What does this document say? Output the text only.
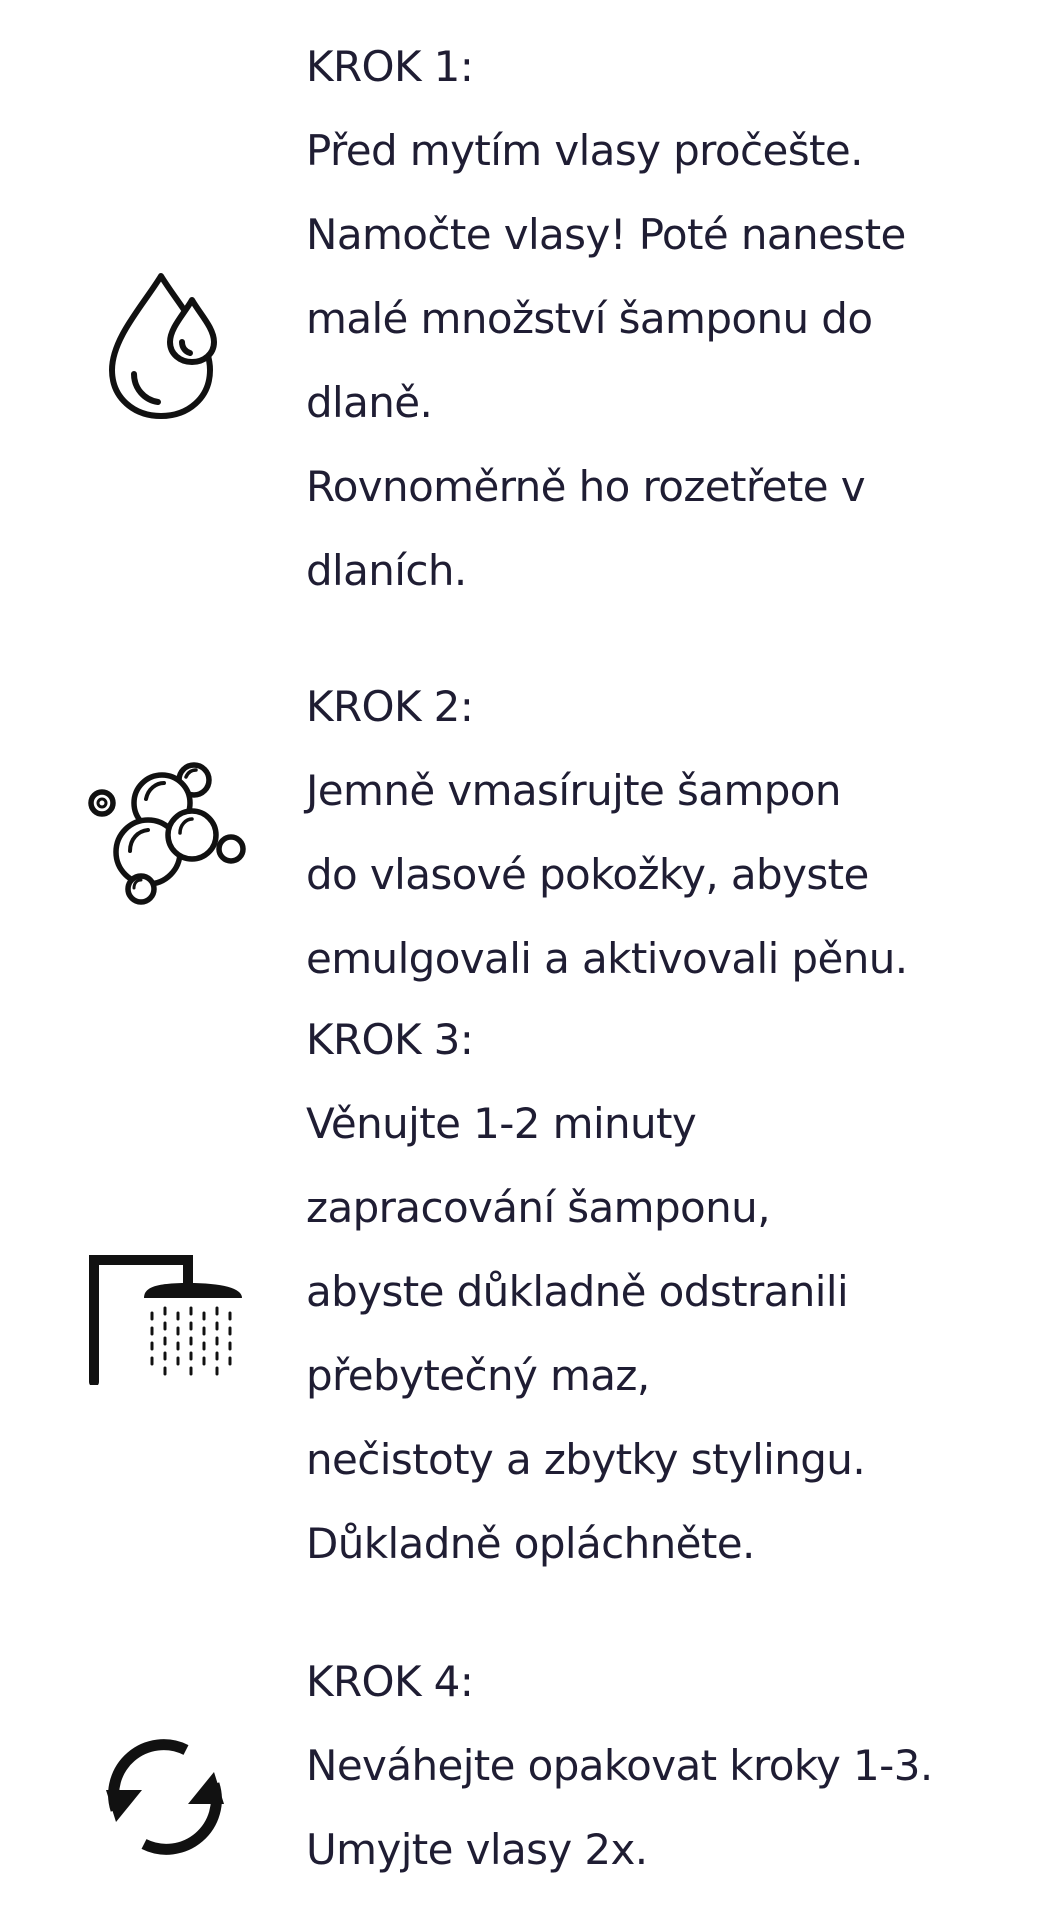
KROK 1:
Před mytím vlasy pročešte.
Namočte vlasy! Poté naneste
malé množství šamponu do
dlaně.
Rovnoměrně ho rozetřete v
dlaních.
KROK 2:
Jemně vmasírujte šampon
do vlasové pokožky, abyste
emulgovali a aktivovali pěnu.
KROK 3:
Věnujte 1-2 minuty
zapracování šamponu,
abyste důkladně odstranili
přebytečný maz,
nečistoty a zbytky stylingu.
Důkladně opláchněte.
KROK 4:
Neváhejte opakovat kroky 1-3.
Umyjte vlasy 2x.
